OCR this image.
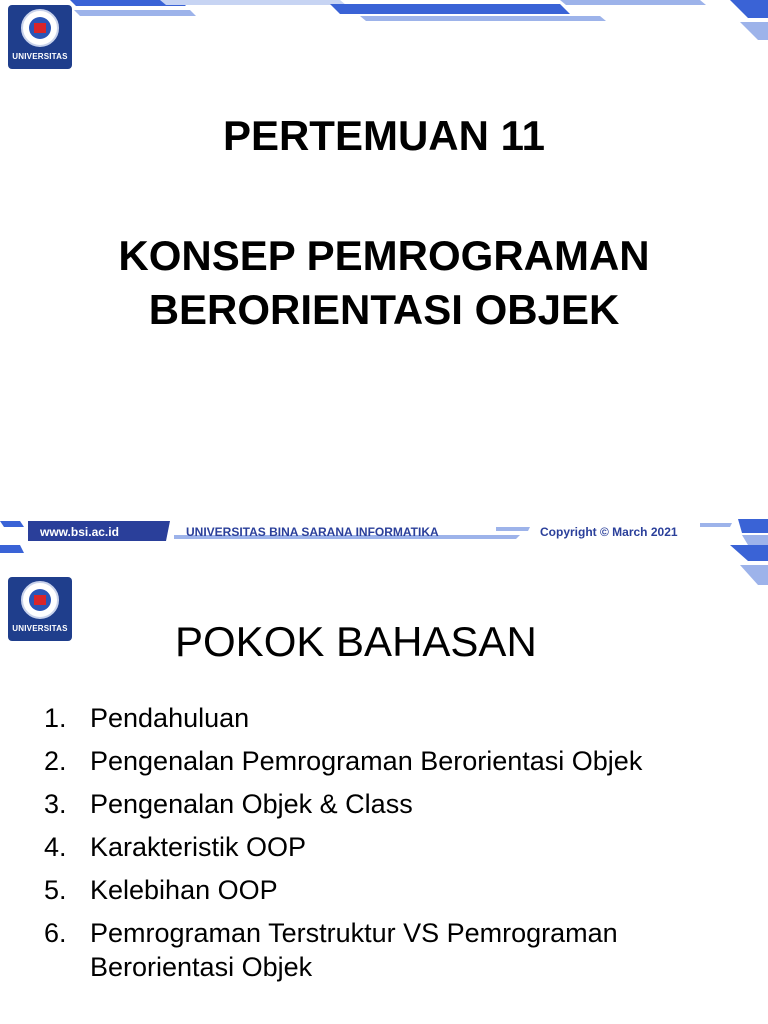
UNIVERSITAS
PERTEMUAN 11
KONSEP PEMROGRAMAN
BERORIENTASI OBJEK
www.bsi.ac.id	UNIVERSITAS BINA SARANA INFORMATIKA	Copyright © March 2021
UNIVERSITAS	POKOK BAHASAN
1. Pendahuluan
2. Pengenalan Pemrograman Berorientasi Objek
3. Pengenalan Objek & Class
4. Karakteristik OOP
5. Kelebihan OOP
6. Pemrograman Terstruktur VS Pemrograman Berorientasi Objek
